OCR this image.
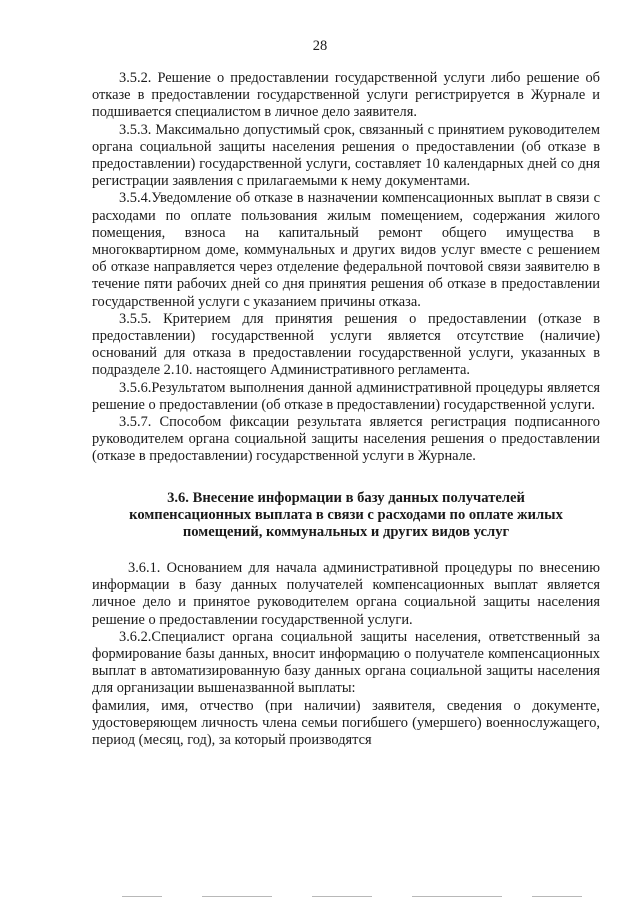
28

3.5.2. Решение о предоставлении государственной услуги либо решение об отказе в предоставлении государственной услуги регистрируется в Журнале и подшивается специалистом в личное дело заявителя.

3.5.3. Максимально допустимый срок, связанный с принятием руководителем органа социальной защиты населения решения о предоставлении (об отказе в предоставлении) государственной услуги, составляет 10 календарных дней со дня регистрации заявления с прилагаемыми к нему документами.

3.5.4.Уведомление об отказе в назначении компенсационных выплат в связи с расходами по оплате пользования жилым помещением, содержания жилого помещения, взноса на капитальный ремонт общего имущества в многоквартирном доме, коммунальных и других видов услуг вместе с решением об отказе направляется через отделение федеральной почтовой связи заявителю в течение пяти рабочих дней со дня принятия решения об отказе в предоставлении государственной услуги с указанием причины отказа.

3.5.5. Критерием для принятия решения о предоставлении (отказе в предоставлении) государственной услуги является отсутствие (наличие) оснований для отказа в предоставлении государственной услуги, указанных в подразделе 2.10. настоящего Административного регламента.

3.5.6.Результатом выполнения данной административной процедуры является решение о предоставлении (об отказе в предоставлении) государственной услуги.

3.5.7. Способом фиксации результата является регистрация подписанного руководителем органа социальной защиты населения решения о предоставлении (отказе в предоставлении) государственной услуги в Журнале.

3.6. Внесение информации в базу данных получателей компенсационных выплата в связи с расходами по оплате жилых помещений, коммунальных и других видов услуг

3.6.1. Основанием для начала административной процедуры по внесению информации в базу данных получателей компенсационных выплат является личное дело и принятое руководителем органа социальной защиты населения решение о предоставлении государственной услуги.

3.6.2.Специалист органа социальной защиты населения, ответственный за формирование базы данных, вносит информацию о получателе компенсационных выплат в автоматизированную базу данных органа социальной защиты населения для организации вышеназванной выплаты:

фамилия, имя, отчество (при наличии) заявителя, сведения о документе, удостоверяющем личность члена семьи погибшего (умершего) военнослужащего, период (месяц, год), за который производятся
